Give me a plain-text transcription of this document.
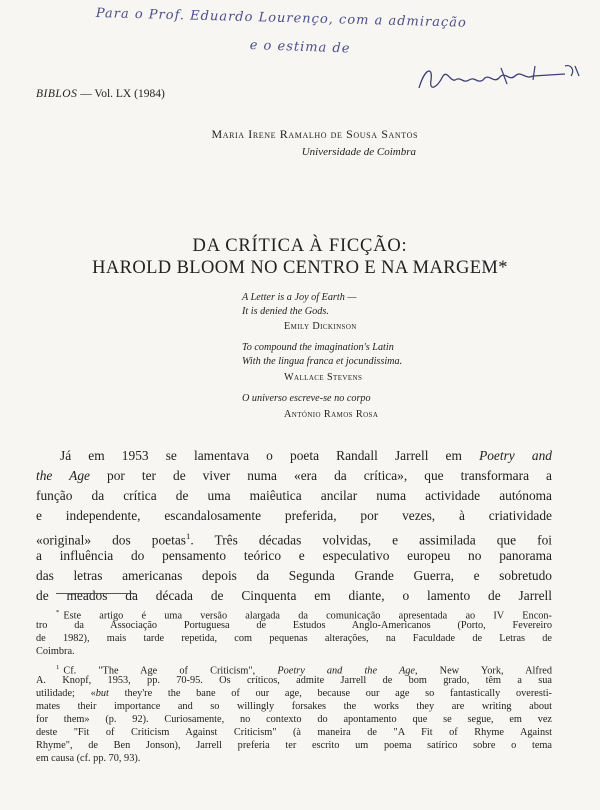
Para o Prof. Eduardo Lourenço, com a admiração
e o estima de
BIBLOS — Vol. LX (1984)
Maria Irene Ramalho de Sousa Santos
Universidade de Coimbra
DA CRÍTICA À FICÇÃO:
HAROLD BLOOM NO CENTRO E NA MARGEM*
A Letter is a Joy of Earth —
It is denied the Gods.
Emily Dickinson
To compound the imagination's Latin
With the lingua franca et jocundissima.
Wallace Stevens
O universo escreve-se no corpo
António Ramos Rosa
Já em 1953 se lamentava o poeta Randall Jarrell em Poetry and
the Age por ter de viver numa «era da crítica», que transformara a
função da crítica de uma maiêutica ancilar numa actividade autónoma
e independente, escandalosamente preferida, por vezes, à criatividade
«original» dos poetas$^1$. Três décadas volvidas, e assimilada que foi
a influência do pensamento teórico e especulativo europeu no panorama
das letras americanas depois da Segunda Grande Guerra, e sobretudo
de meados da década de Cinquenta em diante, o lamento de Jarrell
* Este artigo é uma versão alargada da comunicação apresentada ao IV Encon-
tro da Associação Portuguesa de Estudos Anglo-Americanos (Porto, Fevereiro
de 1982), mais tarde repetida, com pequenas alterações, na Faculdade de Letras de
Coimbra.
$^1$ Cf. "The Age of Criticism", Poetry and the Age, New York, Alfred
A. Knopf, 1953, pp. 70-95. Os críticos, admite Jarrell de bom grado, têm a sua
utilidade; «but they're the bane of our age, because our age so fantastically overesti-
mates their importance and so willingly forsakes the works they are writing about
for them» (p. 92). Curiosamente, no contexto do apontamento que se segue, em vez
deste "Fit of Criticism Against Criticism" (à maneira de "A Fit of Rhyme Against
Rhyme", de Ben Jonson), Jarrell preferia ter escrito um poema satírico sobre o tema
em causa (cf. pp. 70, 93).
